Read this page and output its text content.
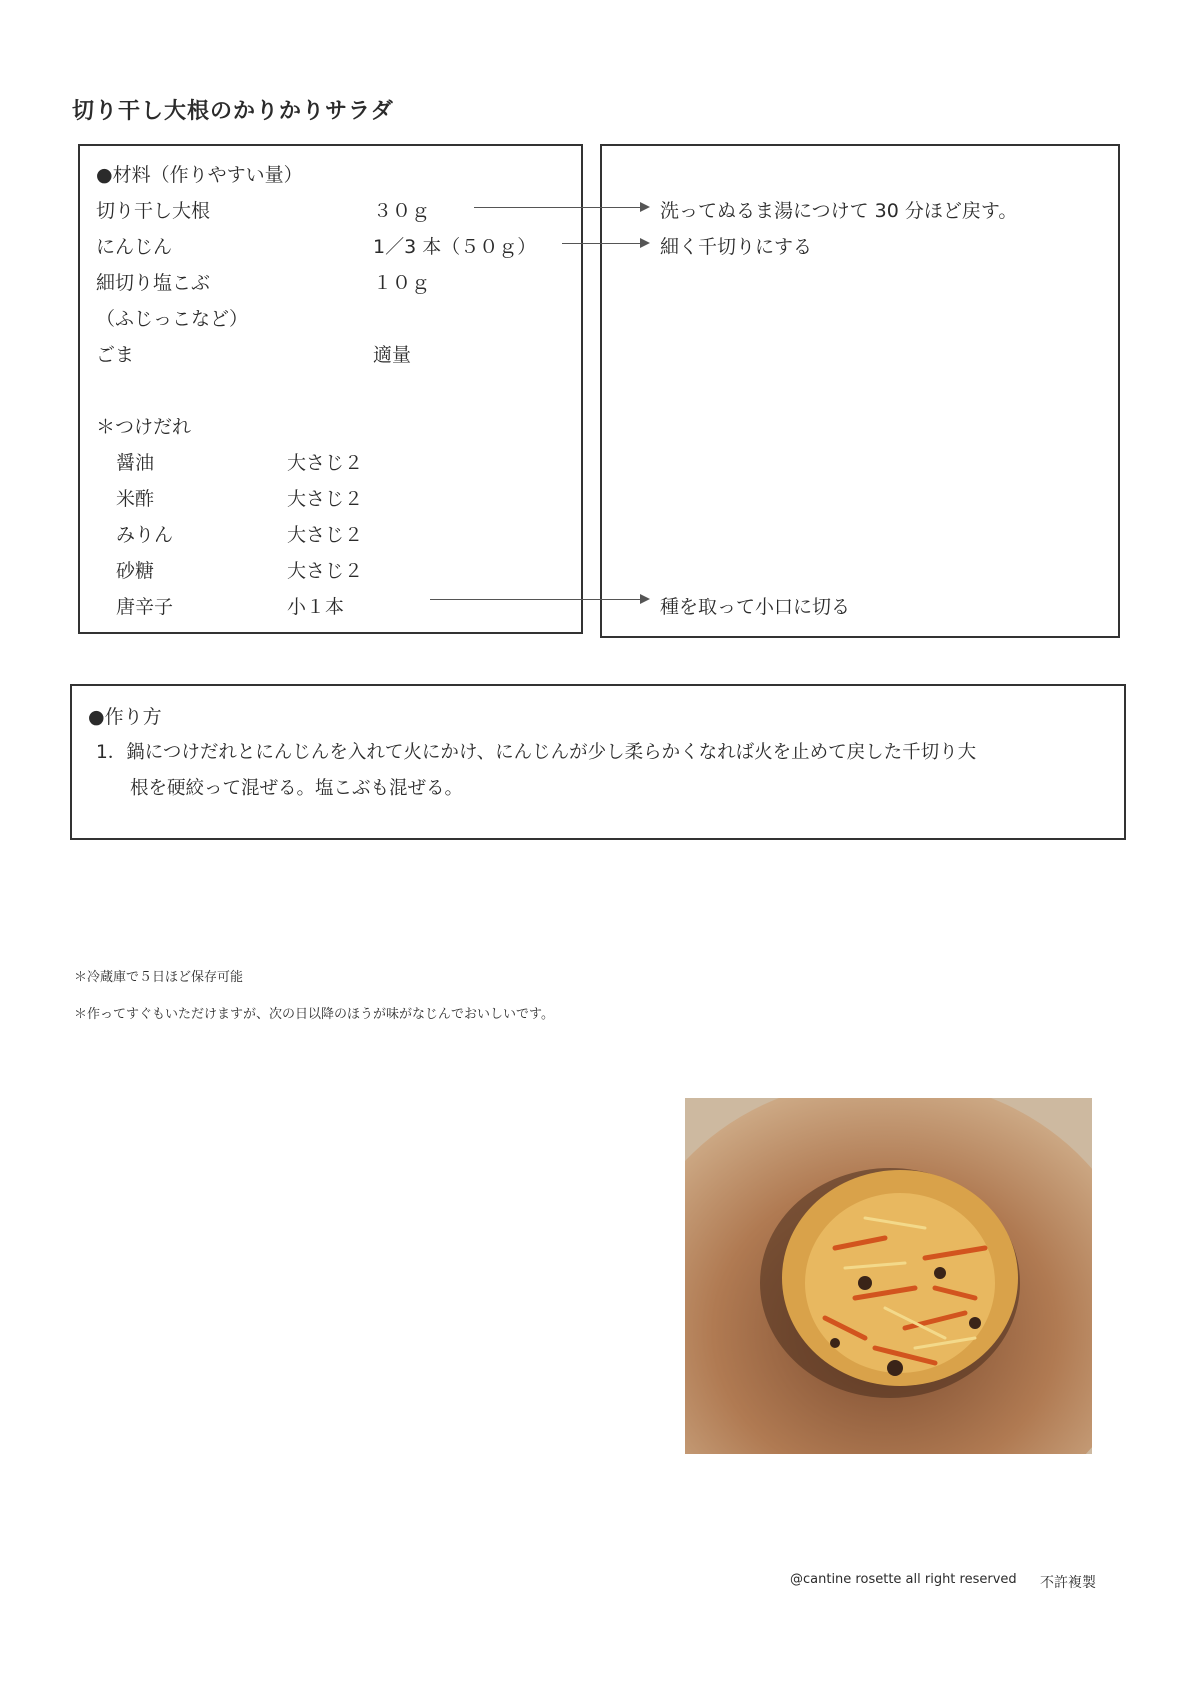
切り干し大根のかりかりサラダ
●材料（作りやすい量）
切り干し大根	３０ｇ
にんじん	1／3 本（５０ｇ）
細切り塩こぶ	１０ｇ
（ふじっこなど）
ごま	適量
＊つけだれ
醤油	大さじ２
米酢	大さじ２
みりん	大さじ２
砂糖	大さじ２
唐辛子	小１本
洗ってぬるま湯につけて 30 分ほど戻す。
細く千切りにする
種を取って小口に切る
●作り方
1．鍋につけだれとにんじんを入れて火にかけ、にんじんが少し柔らかくなれば火を止めて戻した千切り大
根を硬絞って混ぜる。塩こぶも混ぜる。
＊冷蔵庫で５日ほど保存可能
＊作ってすぐもいただけますが、次の日以降のほうが味がなじんでおいしいです。
@cantine rosette all right reserved 不許複製
